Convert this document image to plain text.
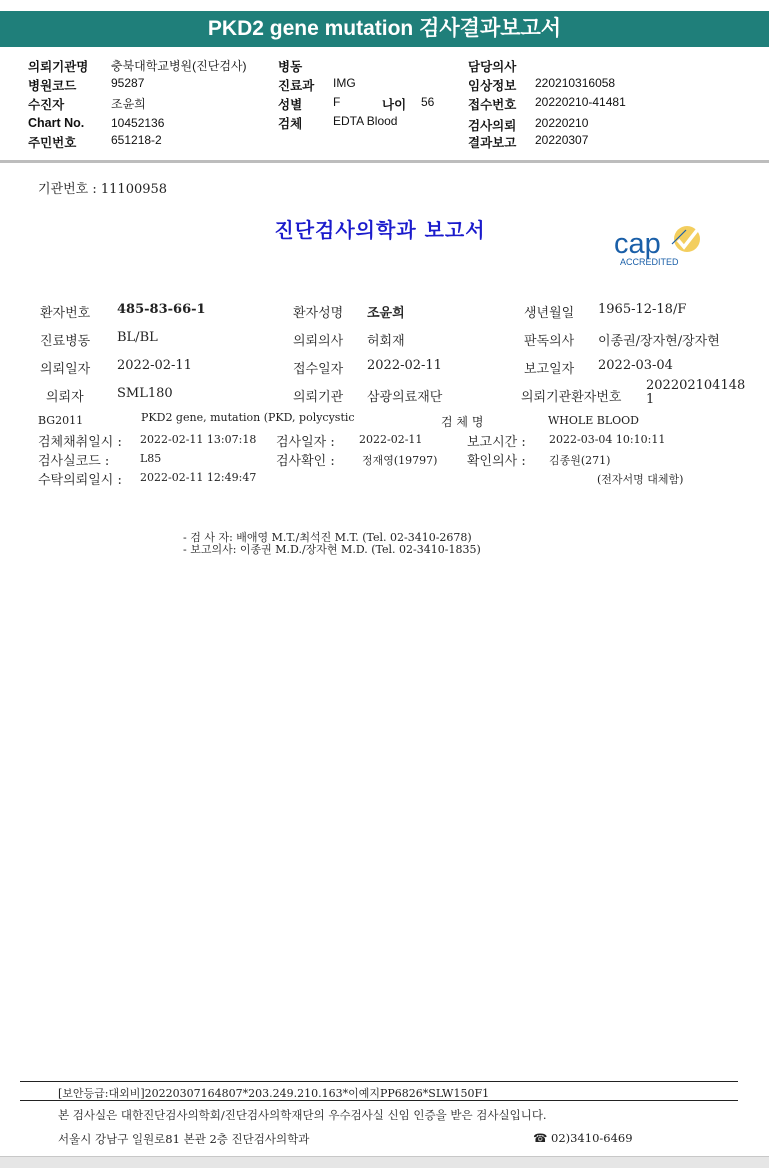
PKD2 gene mutation 검사결과보고서
의뢰기관명 충북대학교병원(진단검사)
병원코드	95287
수진자	조윤희
Chart No. 10452136
주민번호	651218-2
병동
진료과 IMG
성별	F	나이 56
검체	EDTA Blood
담당의사
임상정보 220210316058
접수번호 20220210-41481
검사의뢰 20220210
결과보고 20220307
기관번호 : 11100958
진단검사의학과 보고서	cap
ACCREDITED
환자번호 485-83-66-1	환자성명 조윤희	생년월일 1965-12-18/F
진료병동 BL/BL	의뢰의사 허회재	판독의사 이종권/장자현/장자현
의뢰일자 2022-02-11	접수일자 2022-02-11	보고일자 2022-03-04
의뢰자	SML180	의뢰기관 삼광의료재단	의뢰기관환자번호
202202104148
1
BG2011	PKD2 gene, mutation (PKD, polycystic	검 체 명	WHOLE BLOOD
검체채취일시 : 2022-02-11 13:07:18 검사일자 : 2022-02-11	보고시간 : 2022-03-04 10:10:11
검사실코드 :	L85	검사확인 : 정재영(19797) 확인의사 : 김종원(271)
수탁의뢰일시 : 2022-02-11 12:49:47	(전자서명 대체함)
- 검 사 자: 배애영 M.T./최석진 M.T. (Tel. 02-3410-2678)
- 보고의사: 이종권 M.D./장자현 M.D. (Tel. 02-3410-1835)
[보안등급:대외비]20220307164807*203.249.210.163*이예지PP6826*SLW150F1
본 검사실은 대한진단검사의학회/진단검사의학재단의 우수검사실 신임 인증을 받은 검사실입니다.
서울시 강남구 일원로81 본관 2층 진단검사의학과	☎ 02)3410-6469
